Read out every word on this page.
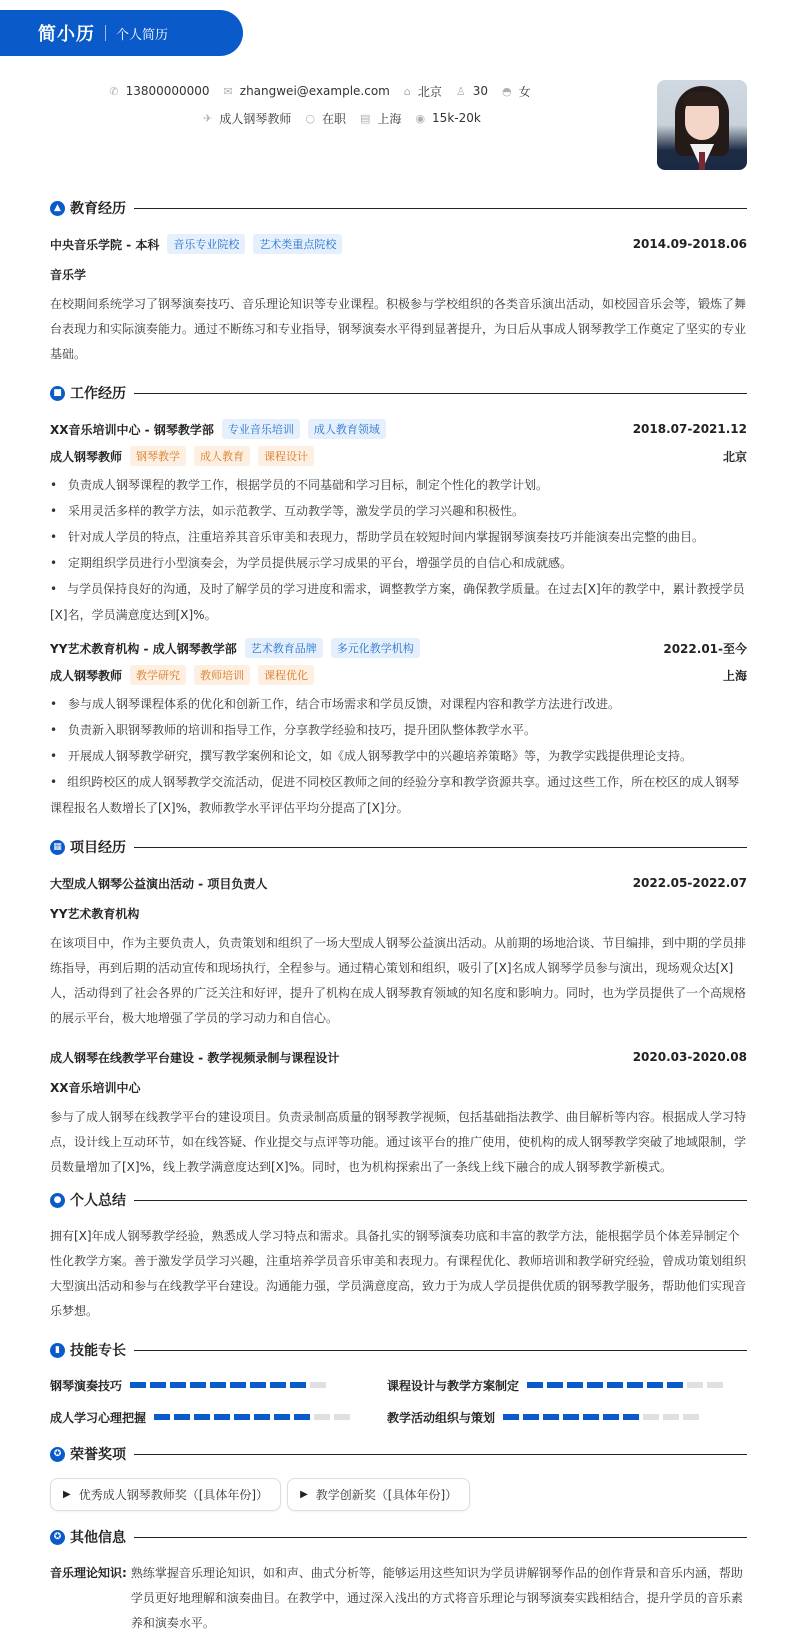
简小历 个人简历
✆ 13800000000 ✉ zhangwei@example.com ⌂ 北京 ♙ 30 ◓ 女
✈ 成人钢琴教师 ○ 在职 ▤ 上海 ◉ 15k-20k
▲ 教育经历
中央音乐学院 - 本科	音乐专业院校	艺术类重点院校	2014.09-2018.06
音乐学
在校期间系统学习了钢琴演奏技巧、音乐理论知识等专业课程。积极参与学校组织的各类音乐演出活动，如校园音乐会等，锻炼了舞台表现力和实际演奏能力。通过不断练习和专业指导，钢琴演奏水平得到显著提升，为日后从事成人钢琴教学工作奠定了坚实的专业基础。
■ 工作经历
XX音乐培训中心 - 钢琴教学部	专业音乐培训	成人教育领域	2018.07-2021.12
成人钢琴教师	钢琴教学	成人教育	课程设计	北京
• 负责成人钢琴课程的教学工作，根据学员的不同基础和学习目标，制定个性化的教学计划。
• 采用灵活多样的教学方法，如示范教学、互动教学等，激发学员的学习兴趣和积极性。
• 针对成人学员的特点，注重培养其音乐审美和表现力，帮助学员在较短时间内掌握钢琴演奏技巧并能演奏出完整的曲目。
• 定期组织学员进行小型演奏会，为学员提供展示学习成果的平台，增强学员的自信心和成就感。
• 与学员保持良好的沟通，及时了解学员的学习进度和需求，调整教学方案，确保教学质量。在过去[X]年的教学中，累计教授学员[X]名，学员满意度达到[X]%。
YY艺术教育机构 - 成人钢琴教学部	艺术教育品牌	多元化教学机构	2022.01-至今
成人钢琴教师	教学研究	教师培训	课程优化	上海
• 参与成人钢琴课程体系的优化和创新工作，结合市场需求和学员反馈，对课程内容和教学方法进行改进。
• 负责新入职钢琴教师的培训和指导工作，分享教学经验和技巧，提升团队整体教学水平。
• 开展成人钢琴教学研究，撰写教学案例和论文，如《成人钢琴教学中的兴趣培养策略》等，为教学实践提供理论支持。
• 组织跨校区的成人钢琴教学交流活动，促进不同校区教师之间的经验分享和教学资源共享。通过这些工作，所在校区的成人钢琴课程报名人数增长了[X]%，教师教学水平评估平均分提高了[X]分。
▦ 项目经历
大型成人钢琴公益演出活动 - 项目负责人	2022.05-2022.07
YY艺术教育机构
在该项目中，作为主要负责人，负责策划和组织了一场大型成人钢琴公益演出活动。从前期的场地洽谈、节目编排，到中期的学员排练指导，再到后期的活动宣传和现场执行，全程参与。通过精心策划和组织，吸引了[X]名成人钢琴学员参与演出，现场观众达[X]人，活动得到了社会各界的广泛关注和好评，提升了机构在成人钢琴教育领域的知名度和影响力。同时，也为学员提供了一个高规格的展示平台，极大地增强了学员的学习动力和自信心。
成人钢琴在线教学平台建设 - 教学视频录制与课程设计	2020.03-2020.08
XX音乐培训中心
参与了成人钢琴在线教学平台的建设项目。负责录制高质量的钢琴教学视频，包括基础指法教学、曲目解析等内容。根据成人学习特点，设计线上互动环节，如在线答疑、作业提交与点评等功能。通过该平台的推广使用，使机构的成人钢琴教学突破了地域限制，学员数量增加了[X]%，线上教学满意度达到[X]%。同时，也为机构探索出了一条线上线下融合的成人钢琴教学新模式。
● 个人总结
拥有[X]年成人钢琴教学经验，熟悉成人学习特点和需求。具备扎实的钢琴演奏功底和丰富的教学方法，能根据学员个体差异制定个性化教学方案。善于激发学员学习兴趣，注重培养学员音乐审美和表现力。有课程优化、教师培训和教学研究经验，曾成功策划组织大型演出活动和参与在线教学平台建设。沟通能力强，学员满意度高，致力于为成人学员提供优质的钢琴教学服务，帮助他们实现音乐梦想。
▮ 技能专长
钢琴演奏技巧	课程设计与教学方案制定
成人学习心理把握	教学活动组织与策划
✪ 荣誉奖项
▶ 优秀成人钢琴教师奖（[具体年份]）	▶ 教学创新奖（[具体年份]）
✪ 其他信息
音乐理论知识: 熟练掌握音乐理论知识，如和声、曲式分析等，能够运用这些知识为学员讲解钢琴作品的创作背景和音乐内涵，帮助学员更好地理解和演奏曲目。在教学中，通过深入浅出的方式将音乐理论与钢琴演奏实践相结合，提升学员的音乐素养和演奏水平。
